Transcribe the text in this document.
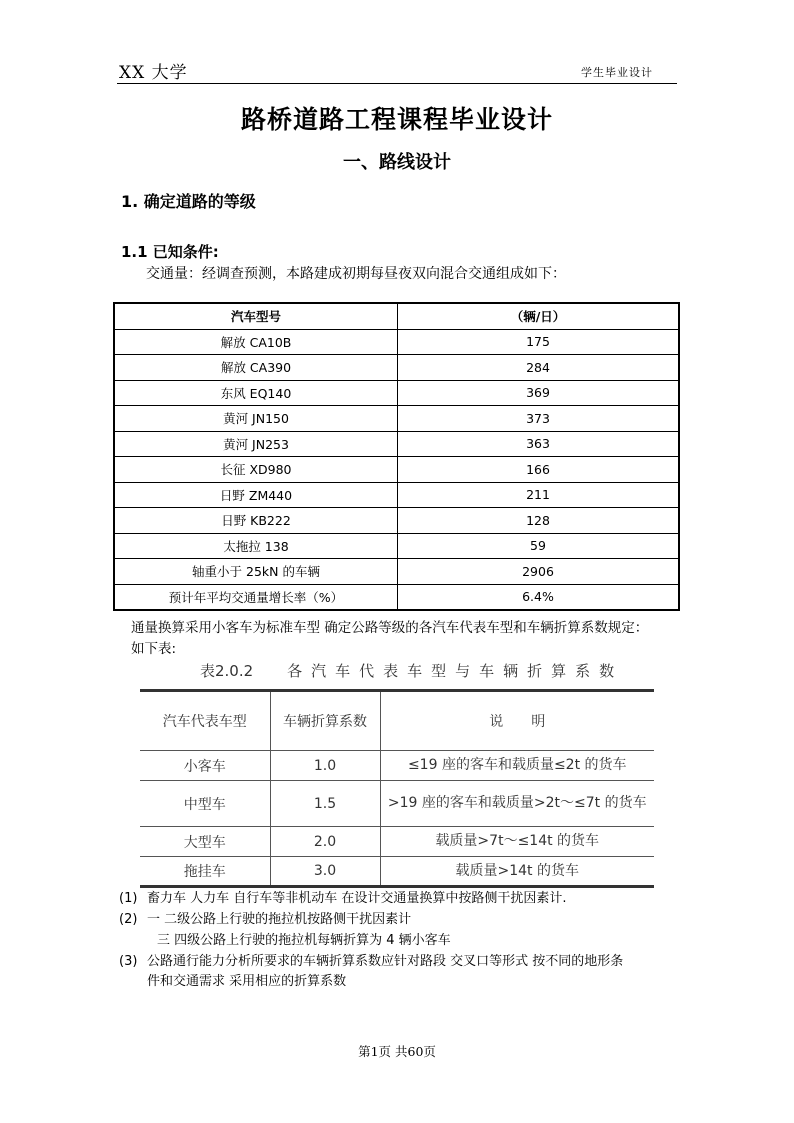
XX 大学	学生毕业设计
路桥道路工程课程毕业设计
一、路线设计
1. 确定道路的等级
1.1 已知条件:
交通量：经调查预测，本路建成初期每昼夜双向混合交通组成如下：
汽车型号	（辆/日）
解放 CA10B	175
解放 CA390	284
东风 EQ140	369
黄河 JN150	373
黄河 JN253	363
长征 XD980	166
日野 ZM440	211
日野 KB222	128
太拖拉 138	59
轴重小于 25kN 的车辆	2906
预计年平均交通量增长率（%）	6.4%
通量换算采用小客车为标准车型 确定公路等级的各汽车代表车型和车辆折算系数规定：
如下表:
表2.0.2 各汽车代表车型与车辆折算系数
汽车代表车型	车辆折算系数	说　　明
小客车	1.0	≤19 座的客车和载质量≤2t 的货车
中型车	1.5	>19 座的客车和载质量>2t～≤7t 的货车
大型车	2.0	载质量>7t～≤14t 的货车
拖挂车	3.0	载质量>14t 的货车
(1) 畜力车 人力车 自行车等非机动车 在设计交通量换算中按路侧干扰因素计.
(2) 一 二级公路上行驶的拖拉机按路侧干扰因素计
三 四级公路上行驶的拖拉机每辆折算为 4 辆小客车
(3) 公路通行能力分析所要求的车辆折算系数应针对路段 交叉口等形式 按不同的地形条
件和交通需求 采用相应的折算系数
第1页 共60页
